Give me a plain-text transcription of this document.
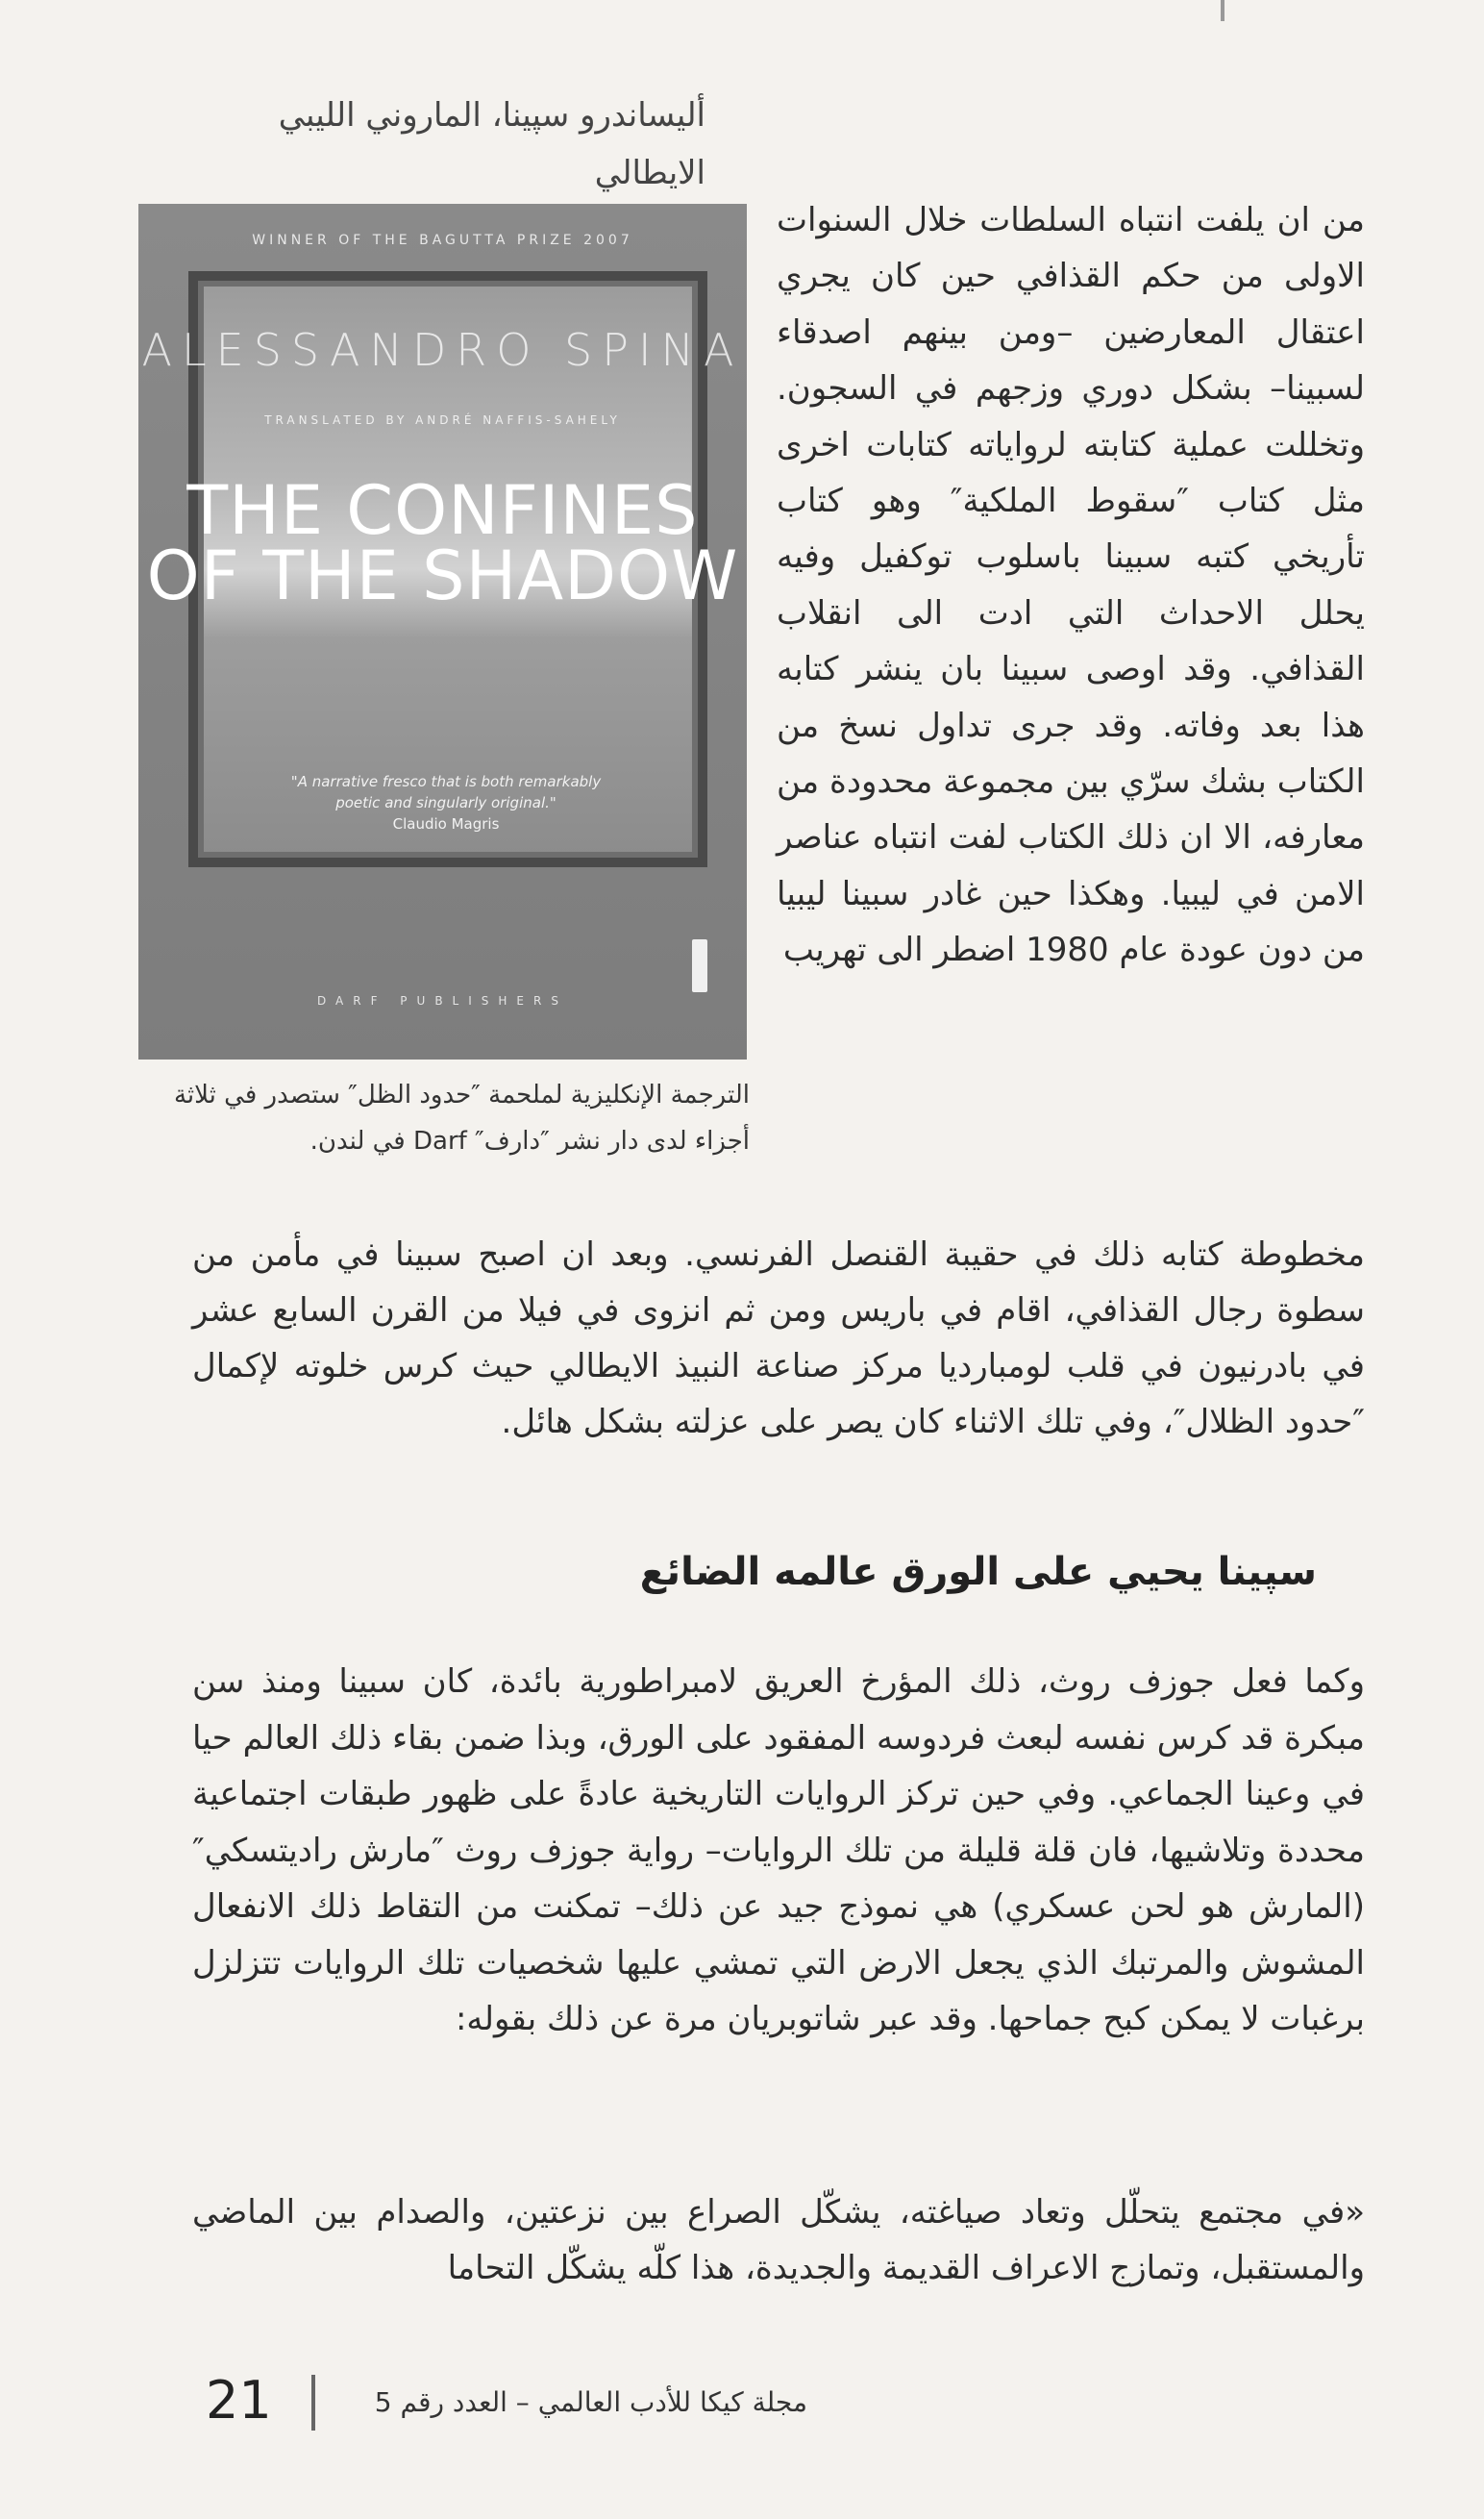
أليساندرو سپينا، الماروني الليبي الايطالي
WINNER OF THE BAGUTTA PRIZE 2007
ALESSANDRO SPINA
TRANSLATED BY ANDRÉ NAFFIS-SAHELY
THE CONFINES OF THE SHADOW
"A narrative fresco that is both remarkably poetic and singularly original."
Claudio Magris
DARF PUBLISHERS
الترجمة الإنكليزية لملحمة ″حدود الظل″ ستصدر في ثلاثة أجزاء لدى دار نشر ″دارف″ Darf في لندن.
من ان يلفت انتباه السلطات خلال السنوات الاولى من حكم القذافي حين كان يجري اعتقال المعارضين –ومن بينهم اصدقاء لسبينا– بشكل دوري وزجهم في السجون. وتخللت عملية كتابته لرواياته كتابات اخرى مثل كتاب ″سقوط الملكية″ وهو كتاب تأريخي كتبه سبينا باسلوب توكفيل وفيه يحلل الاحداث التي ادت الى انقلاب القذافي. وقد اوصى سبينا بان ينشر كتابه هذا بعد وفاته. وقد جرى تداول نسخ من الكتاب بشك سرّي بين مجموعة محدودة من معارفه، الا ان ذلك الكتاب لفت انتباه عناصر الامن في ليبيا. وهكذا حين غادر سبينا ليبيا من دون عودة عام 1980 اضطر الى تهريب
مخطوطة كتابه ذلك في حقيبة القنصل الفرنسي. وبعد ان اصبح سبينا في مأمن من سطوة رجال القذافي، اقام في باريس ومن ثم انزوى في فيلا من القرن السابع عشر في بادرنيون في قلب لومبارديا مركز صناعة النبيذ الايطالي حيث كرس خلوته لإكمال ″حدود الظلال″، وفي تلك الاثناء كان يصر على عزلته بشكل هائل.
سپينا يحيي على الورق عالمه الضائع
وكما فعل جوزف روث، ذلك المؤرخ العريق لامبراطورية بائدة، كان سبينا ومنذ سن مبكرة قد كرس نفسه لبعث فردوسه المفقود على الورق، وبذا ضمن بقاء ذلك العالم حيا في وعينا الجماعي. وفي حين تركز الروايات التاريخية عادةً على ظهور طبقات اجتماعية محددة وتلاشيها، فان قلة قليلة من تلك الروايات– رواية جوزف روث ″مارش راديتسكي″ (المارش هو لحن عسكري) هي نموذج جيد عن ذلك– تمكنت من التقاط ذلك الانفعال المشوش والمرتبك الذي يجعل الارض التي تمشي عليها شخصيات تلك الروايات تتزلزل برغبات لا يمكن كبح جماحها. وقد عبر شاتوبريان مرة عن ذلك بقوله:
«في مجتمع يتحلّل وتعاد صياغته، يشكّل الصراع بين نزعتين، والصدام بين الماضي والمستقبل، وتمازج الاعراف القديمة والجديدة، هذا كلّه يشكّل التحاما
21	مجلة كيكا للأدب العالمي – العدد رقم 5
